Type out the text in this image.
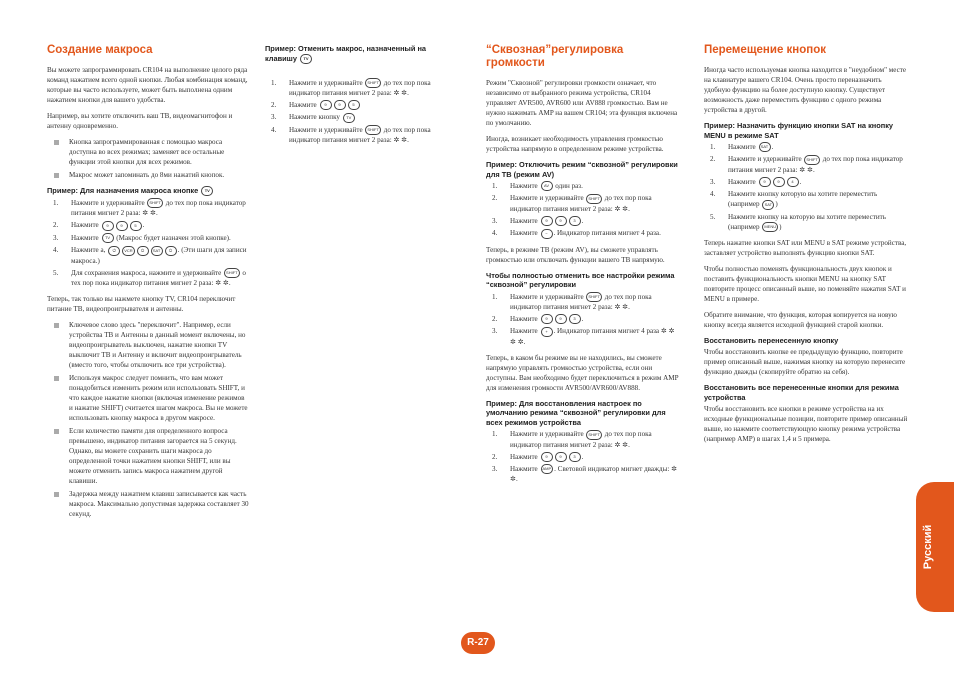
Создание макроса

Вы можете запрограммировать CR104 на выполнение целого ряда команд нажатием всего одной кнопки. Любая комбинация команд, которые вы часто используете, может быть выполнена одним нажатием кнопки для вашего удобства.

Например, вы хотите отключить ваш ТВ, видеомагнитофон и антенну одновременно.

Кнопка запрограммированная с помощью макроса доступна во всех режимах; заменяет все остальные функции этой кнопки для всех режимов.
Макрос может запоминать до 8ми нажатий кнопок.
Пример: Для назначения макроса кнопке TV
1. Нажмите и удерживайте SHIFT до тех пор пока индикатор питания мигнет 2 раза: ✲ ✲.
2. Нажмите 9	9	5 .
3. Нажмите TV (Макрос будет назначен этой кнопке).
4. Нажмите a, ⏻ VCR ⏻ SAT ⏻ . (Эти шаги для записи макроса.)
5. Для сохранения макроса, нажмите и удерживайте SHIFT о тех пор пока индикатор питания мигнет 2 раза: ✲ ✲.

Теперь, так только вы нажмете кнопку TV, CR104 переключит питание ТВ, видеопроигрывателя и антенны.

Ключевое слово здесь "переключит". Например, если устройства ТВ и Антенны в данный момент включены, но видеопроигрыватель выключен, нажатие кнопки TV выключит ТВ и Антенну и включит видеопроигрыватель (вместо того, чтобы отключить все три устройства).
Используя макрос следует помнить, что вам может понадобиться изменить режим или использовать SHIFT, и что каждое нажатие кнопки (включая изменение режимов и нажатие SHIFT) считается шагом макроса. Вы не можете использовать кнопку макроса в другом макросе.
Если количество памяти для определенного вопроса превышено, индикатор питания загорается на 5 секунд. Однако, вы можете сохранить шаги макроса до определенной точки нажатием кнопки SHIFT, или вы можете отменить запись макроса нажатием другой клавиши.
Задержка между нажатием клавиш записывается как часть макроса. Максимально допустимая задержка составляет 30 секунд.
Пример: Отменить макрос, назначенный на клавишу TV
1. Нажмите и удерживайте SHIFT до тех пор пока индикатор питания мигнет 2 раза: ✲ ✲.
2. Нажмите 9	9	5
3. Нажмите кнопку TV
4. Нажмите и удерживайте SHIFT до тех пор пока индикатор питания мигнет 2 раза: ✲ ✲.
“Сквозная”регулировка громкости

Режим "Сквозной" регулировки громкости означает, что независимо от выбранного режима устройства, CR104 управляет AVR500, AVR600 или AV888 громкостью. Вам не нужно нажимать AMP на вашем CR104; эта функция включена по умолчанию.

Иногда, возникает необходимость управления громкостью устройства напрямую в определенном режиме устройства.

Пример: Отключить режим “сквозной” регулировки для ТВ (режим AV)
1. Нажмите AV один раз.
2. Нажмите и удерживайте SHIFT до тех пор пока индикатор питания мигнет 2 раза: ✲ ✲.
3. Нажмите 9	9	3 .
4. Нажмите − . Индикатор питания мигнет 4 раза.

Теперь, в режиме ТВ (режим AV), вы сможете управлять громкостью или отключать функции вашего ТВ напрямую.

Чтобы полностью отменить все настройки режима “сквозной” регулировки
1. Нажмите и удерживайте SHIFT до тех пор пока индикатор питания мигнет 2 раза: ✲ ✲.
2. Нажмите 9	9	3 .
3. Нажмите + . Индикатор питания мигнет 4 раза ✲ ✲ ✲ ✲.

Теперь, в каком бы режиме вы не находились, вы сможете напрямую управлять громкостью устройства, если они доступны. Вам необходимо будет переключиться в режим AMP для изменения громкости AVR500/AVR600/AV888.

Пример: Для восстановления настроек по умолчанию режима “сквозной” регулировки для всех режимов устройства
1. Нажмите и удерживайте SHIFT до тех пор пока индикатор питания мигнет 2 раза: ✲ ✲.
2. Нажмите 9	9	3 .
3. Нажмите AMP . Световой индикатор мигнет дважды: ✲ ✲.
Перемещение кнопок

Иногда часто используемая кнопка находится в "неудобном" месте на клавиатуре вашего CR104. Очень просто переназначить удобную функцию на более доступную кнопку. Существует возможность даже переместить функцию с одного режима устройства в другой.

Пример: Назначить функцию кнопки SAT на кнопку MENU в режиме SAT
1. Нажмите SAT .
2. Нажмите и удерживайте SHIFT до тех пор пока индикатор питания мигнет 2 раза: ✲ ✲.
3. Нажмите 9	9	4 .
4. Нажмите кнопку которую вы хотите переместить (например SAT )
5. Нажмите кнопку на которую вы хотите переместить (например MENU )

Теперь нажатие кнопки SAT или MENU в SAT режиме устройства, заставляет устройство выполнять функцию кнопки SAT.

Чтобы полностью поменять функциональность двух кнопок и поставить функциональность кнопки MENU на кнопку SAT повторите процесс описанный выше, но поменяйте нажатия SAT и MENU в примере.

Обратите внимание, что функция, которая копируется на новую кнопку всегда является исходной функцией старой кнопки.

Восстановить перенесенную кнопку

Чтобы восстановить кнопке ее предыдущую функцию, повторите пример описанный выше, нажимая кнопку на которую перенесите функцию дважды (скопируйте обратно на себя).

Восстановить все перенесенные кнопки для режима устройства

Чтобы восстановить все кнопки в режиме устройства на их исходные функциональные позиции, повторите пример описанный выше, но нажмите соответствующую кнопку режима устройства (например AMP) в шагах 1,4 и 5 примера.

Русский
R-27
